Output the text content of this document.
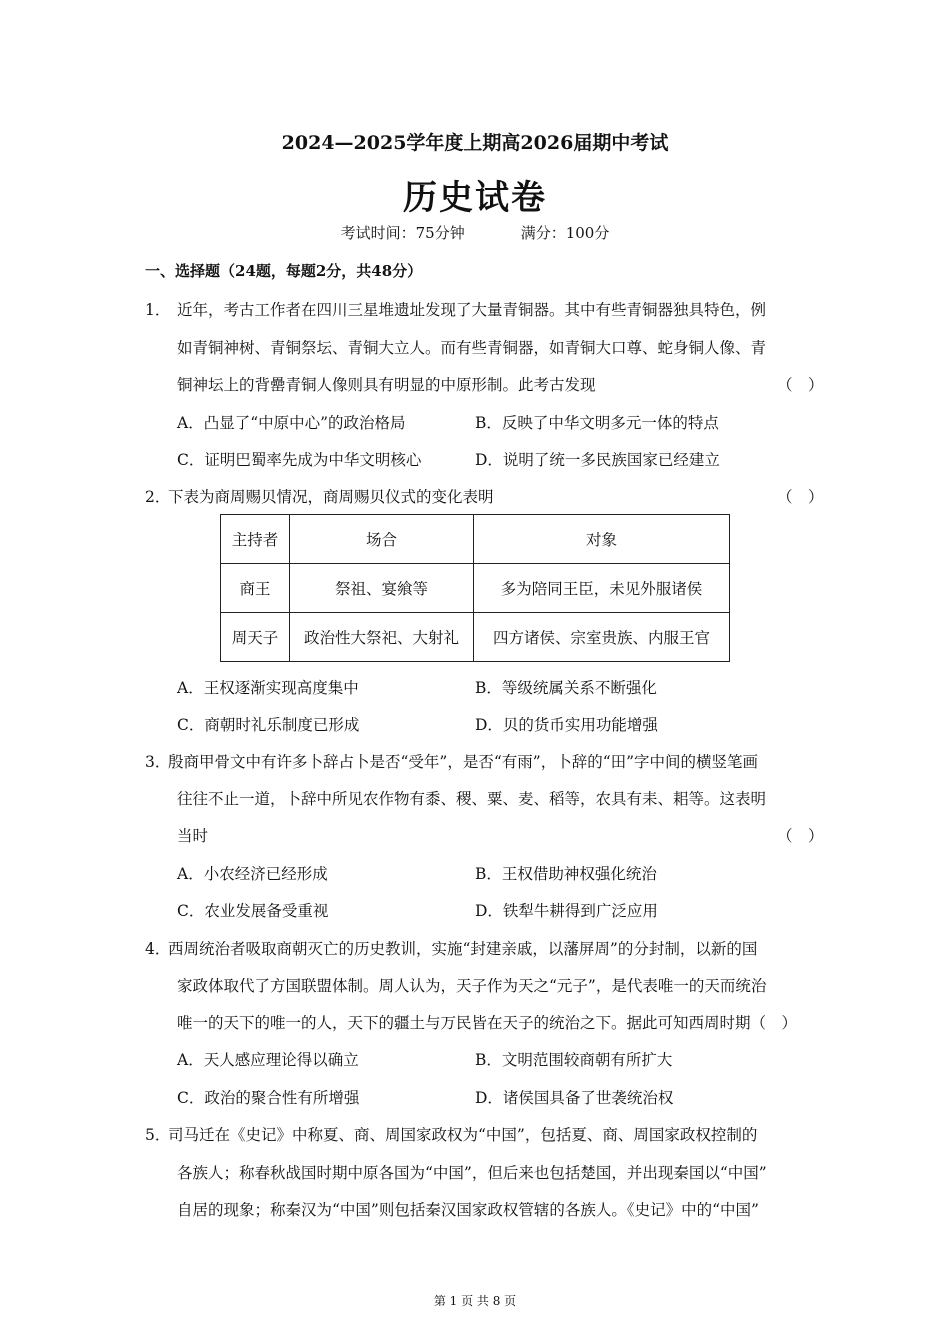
2024—2025学年度上期高2026届期中考试
历史试卷
考试时间：75分钟	满分：100分
一、选择题（24题，每题2分，共48分）
1． 近年，考古工作者在四川三星堆遗址发现了大量青铜器。其中有些青铜器独具特色，例
如青铜神树、青铜祭坛、青铜大立人。而有些青铜器，如青铜大口尊、蛇身铜人像、青
铜神坛上的背罍青铜人像则具有明显的中原形制。此考古发现	（　）
A．凸显了“中原中心”的政治格局	B．反映了中华文明多元一体的特点
C．证明巴蜀率先成为中华文明核心	D．说明了统一多民族国家已经建立
2．
下表为商周赐贝情况，商周赐贝仪式的变化表明	（　）
主持者	场合	对象
商王	祭祖、宴飨等	多为陪同王臣，未见外服诸侯
周天子	政治性大祭祀、大射礼	四方诸侯、宗室贵族、内服王官
A．王权逐渐实现高度集中	B．等级统属关系不断强化
C．商朝时礼乐制度已形成	D．贝的货币实用功能增强
3．
殷商甲骨文中有许多卜辞占卜是否“受年”，是否“有雨”，卜辞的“田”字中间的横竖笔画
往往不止一道，卜辞中所见农作物有黍、稷、粟、麦、稻等，农具有耒、耜等。这表明
当时	（　）
A．小农经济已经形成	B．王权借助神权强化统治
C．农业发展备受重视	D．铁犁牛耕得到广泛应用
4．
西周统治者吸取商朝灭亡的历史教训，实施“封建亲戚，以藩屏周”的分封制，以新的国
家政体取代了方国联盟体制。周人认为，天子作为天之“元子”，是代表唯一的天而统治
唯一的天下的唯一的人，天下的疆土与万民皆在天子的统治之下。据此可知西周时期（　）
A．天人感应理论得以确立	B．文明范围较商朝有所扩大
C．政治的聚合性有所增强	D．诸侯国具备了世袭统治权
5．
司马迁在《史记》中称夏、商、周国家政权为“中国”，包括夏、商、周国家政权控制的
各族人；称春秋战国时期中原各国为“中国”，但后来也包括楚国，并出现秦国以“中国”
自居的现象；称秦汉为“中国”则包括秦汉国家政权管辖的各族人。《史记》中的“中国”
第 1 页 共 8 页
